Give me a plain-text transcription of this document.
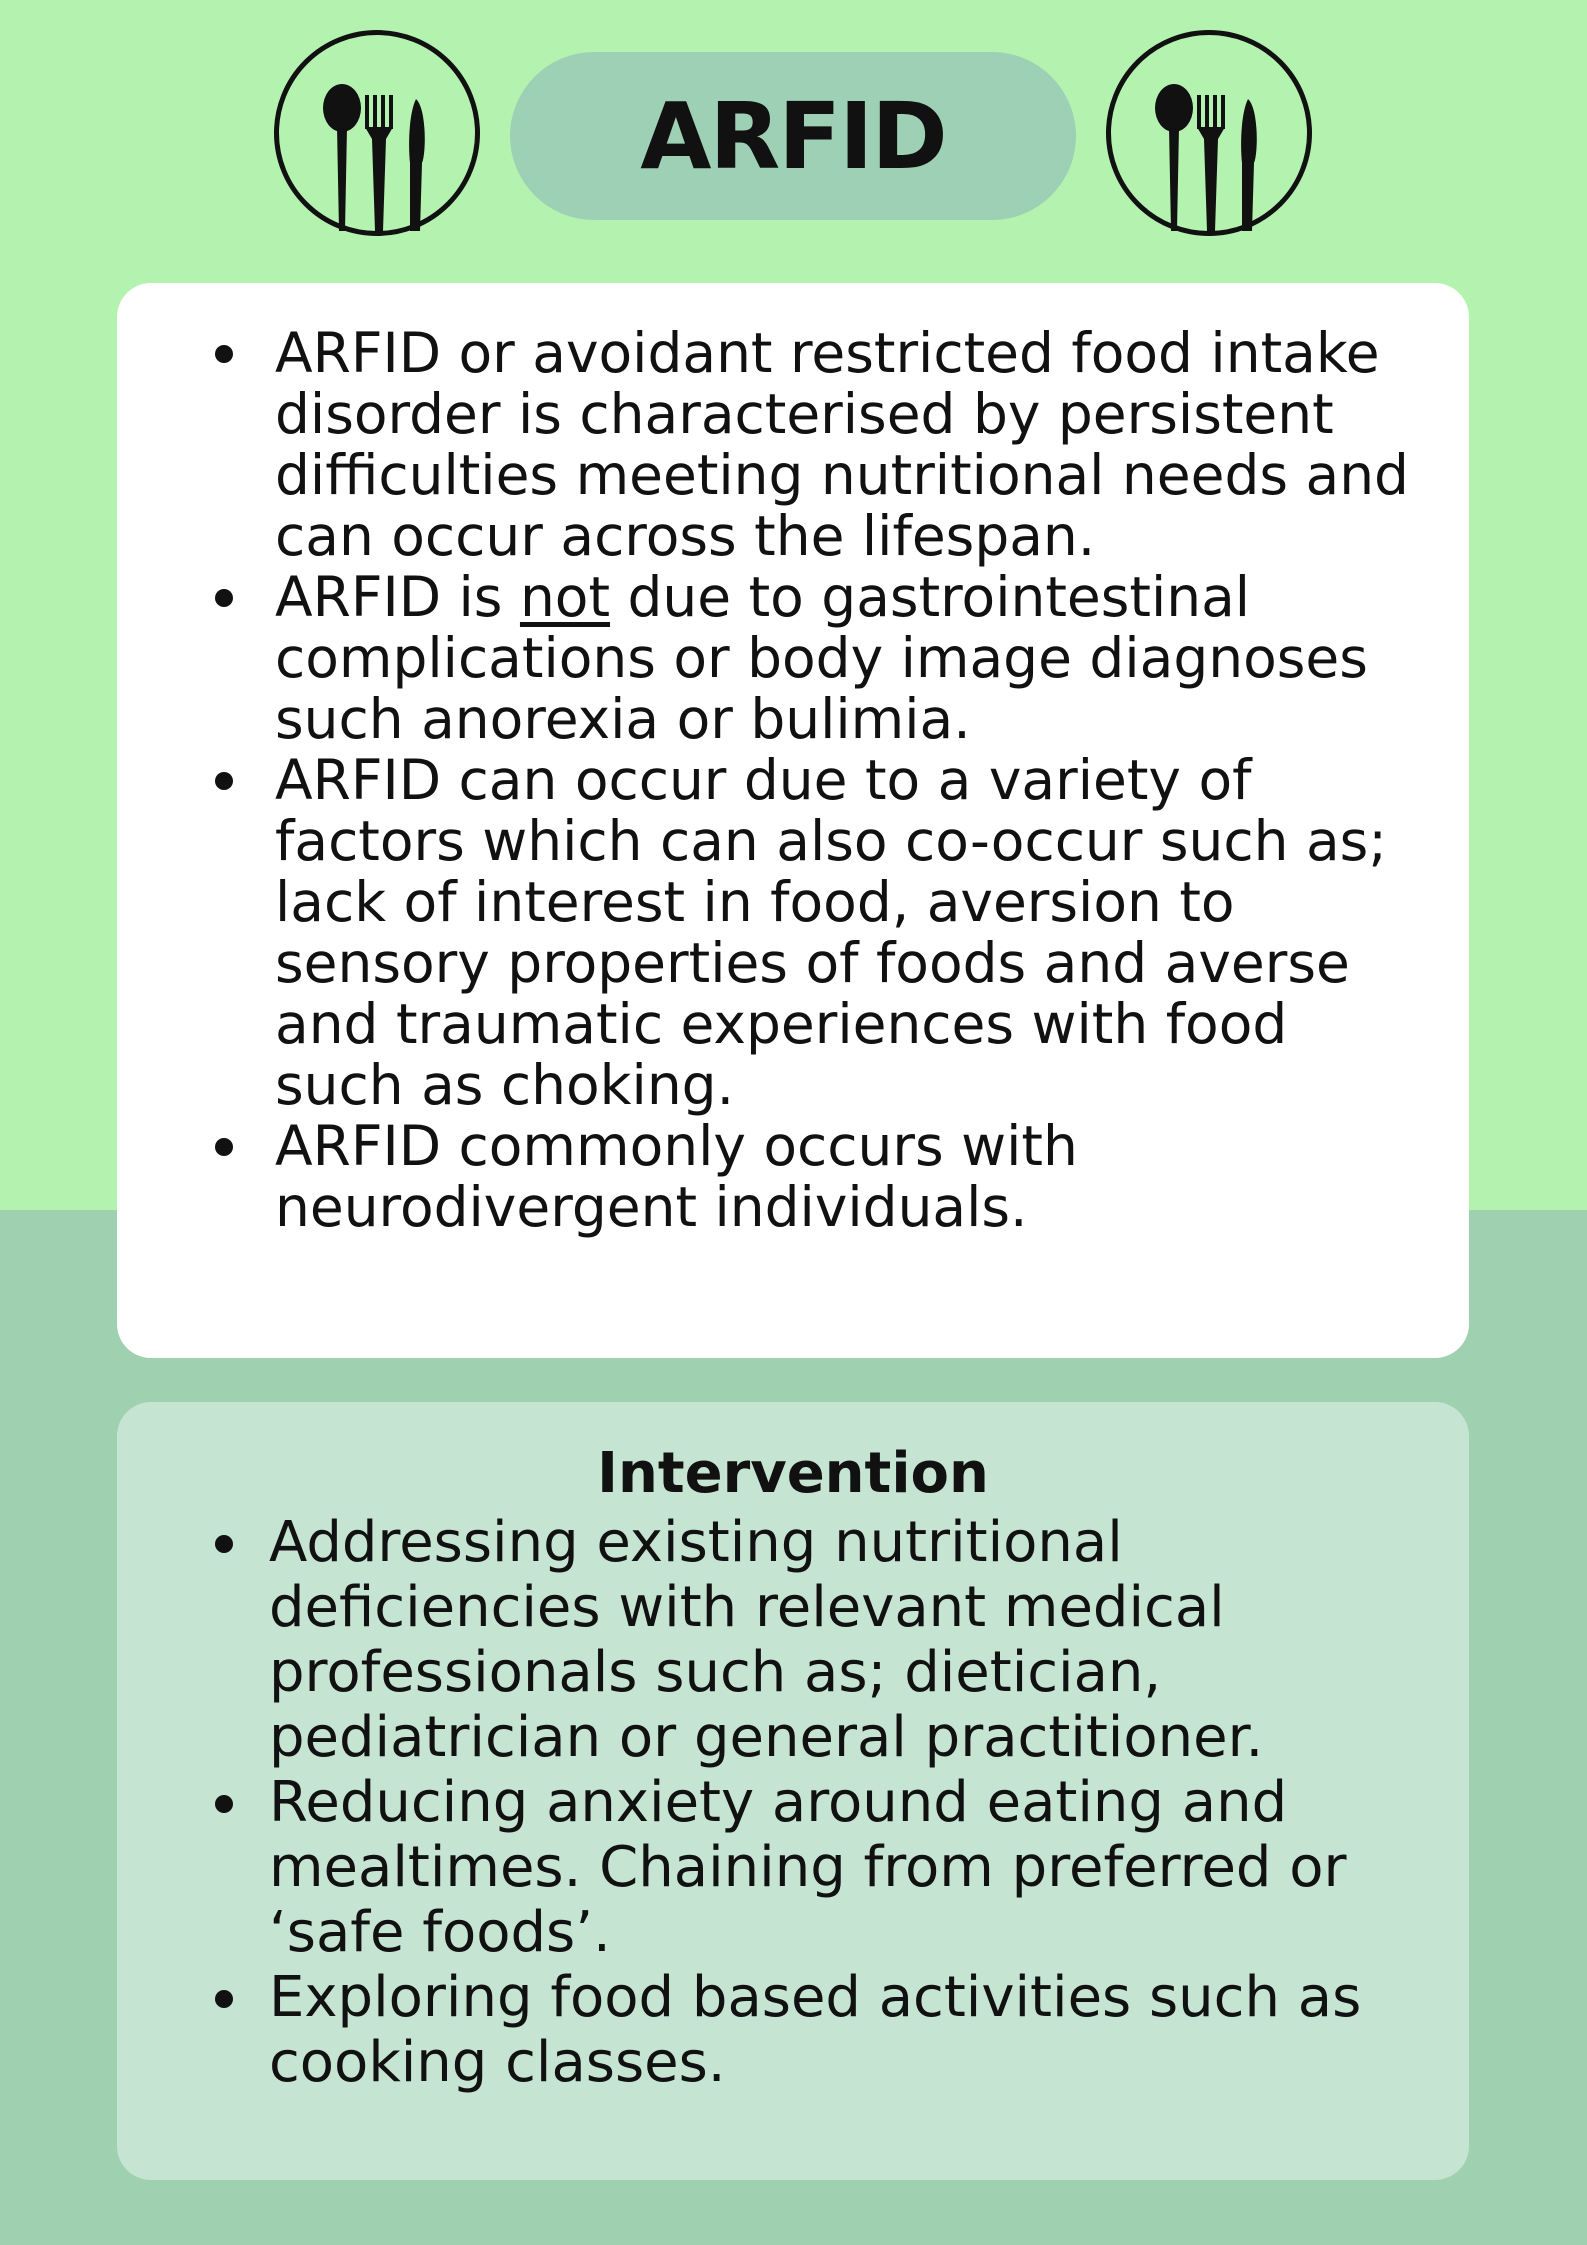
ARFID
ARFID or avoidant restricted food intake disorder is characterised by persistent difficulties meeting nutritional needs and can occur across the lifespan.
ARFID is not due to gastrointestinal complications or body image diagnoses such anorexia or bulimia.
ARFID can occur due to a variety of factors which can also co-occur such as; lack of interest in food, aversion to sensory properties of foods and averse and traumatic experiences with food such as choking.
ARFID commonly occurs with neurodivergent individuals.
Intervention
Addressing existing nutritional deficiencies with relevant medical professionals such as; dietician, pediatrician or general practitioner.
Reducing anxiety around eating and mealtimes. Chaining from preferred or ‘safe foods’.
Exploring food based activities such as cooking classes.
